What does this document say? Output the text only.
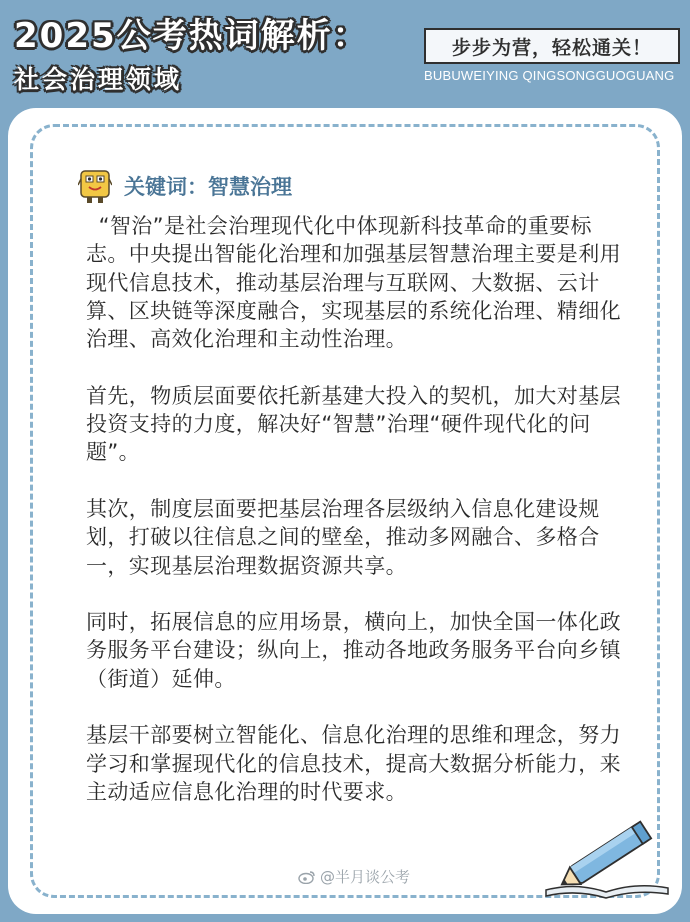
2025公考热词解析：
社会治理领域
步步为营，轻松通关！
BUBUWEIYING QINGSONGGUOGUANG
关键词：智慧治理

“智治”是社会治理现代化中体现新科技革命的重要标志。中央提出智能化治理和加强基层智慧治理主要是利用现代信息技术，推动基层治理与互联网、大数据、云计算、区块链等深度融合，实现基层的系统化治理、精细化治理、高效化治理和主动性治理。

首先，物质层面要依托新基建大投入的契机，加大对基层投资支持的力度，解决好“智慧”治理“硬件现代化的问题”。

其次，制度层面要把基层治理各层级纳入信息化建设规划，打破以往信息之间的壁垒，推动多网融合、多格合一，实现基层治理数据资源共享。

同时，拓展信息的应用场景，横向上，加快全国一体化政务服务平台建设；纵向上，推动各地政务服务平台向乡镇（街道）延伸。

基层干部要树立智能化、信息化治理的思维和理念，努力学习和掌握现代化的信息技术，提高大数据分析能力，来主动适应信息化治理的时代要求。

@半月谈公考
